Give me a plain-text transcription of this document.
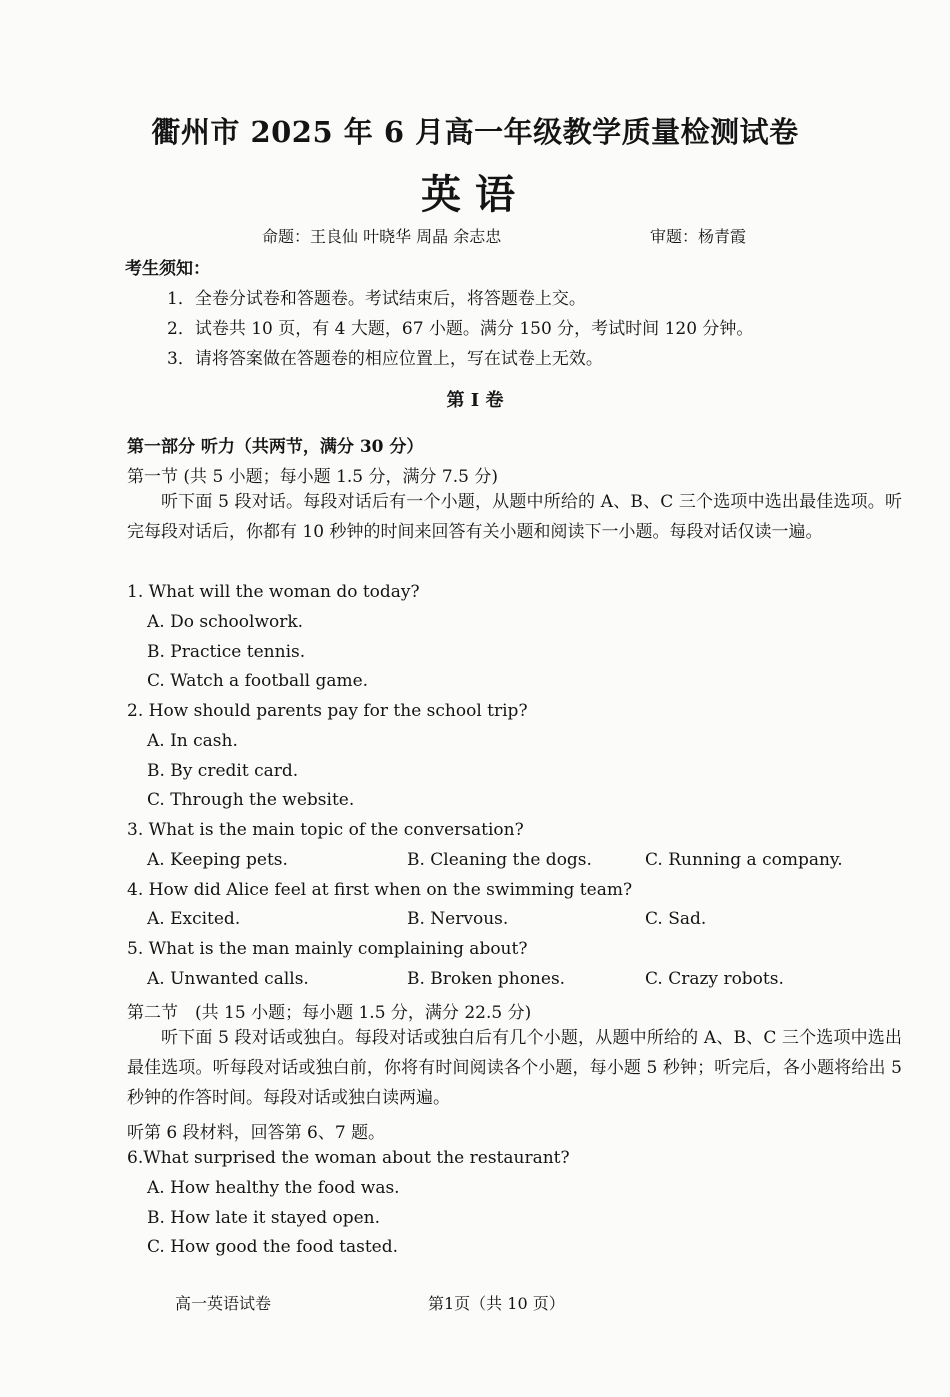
衢州市 2025 年 6 月高一年级教学质量检测试卷
英语
命题：王良仙 叶晓华 周晶 余志忠	审题：杨青霞
考生须知：
1．全卷分试卷和答题卷。考试结束后，将答题卷上交。
2．试卷共 10 页，有 4 大题，67 小题。满分 150 分，考试时间 120 分钟。
3．请将答案做在答题卷的相应位置上，写在试卷上无效。
第 I 卷
第一部分 听力（共两节，满分 30 分）
第一节 (共 5 小题；每小题 1.5 分，满分 7.5 分)
听下面 5 段对话。每段对话后有一个小题，从题中所给的 A、B、C 三个选项中选出最佳选项。听完每段对话后，你都有 10 秒钟的时间来回答有关小题和阅读下一小题。每段对话仅读一遍。
1. What will the woman do today?
A. Do schoolwork.
B. Practice tennis.
C. Watch a football game.
2. How should parents pay for the school trip?
A. In cash.
B. By credit card.
C. Through the website.
3. What is the main topic of the conversation?
A. Keeping pets.	B. Cleaning the dogs.	C. Running a company.
4. How did Alice feel at first when on the swimming team?
A. Excited.	B. Nervous.	C. Sad.
5. What is the man mainly complaining about?
A. Unwanted calls.	B. Broken phones.	C. Crazy robots.
第二节　(共 15 小题；每小题 1.5 分，满分 22.5 分)
听下面 5 段对话或独白。每段对话或独白后有几个小题，从题中所给的 A、B、C 三个选项中选出最佳选项。听每段对话或独白前，你将有时间阅读各个小题，每小题 5 秒钟；听完后，各小题将给出 5 秒钟的作答时间。每段对话或独白读两遍。
听第 6 段材料，回答第 6、7 题。
6.What surprised the woman about the restaurant?
A. How healthy the food was.
B. How late it stayed open.
C. How good the food tasted.
高一英语试卷	第1页（共 10 页）
